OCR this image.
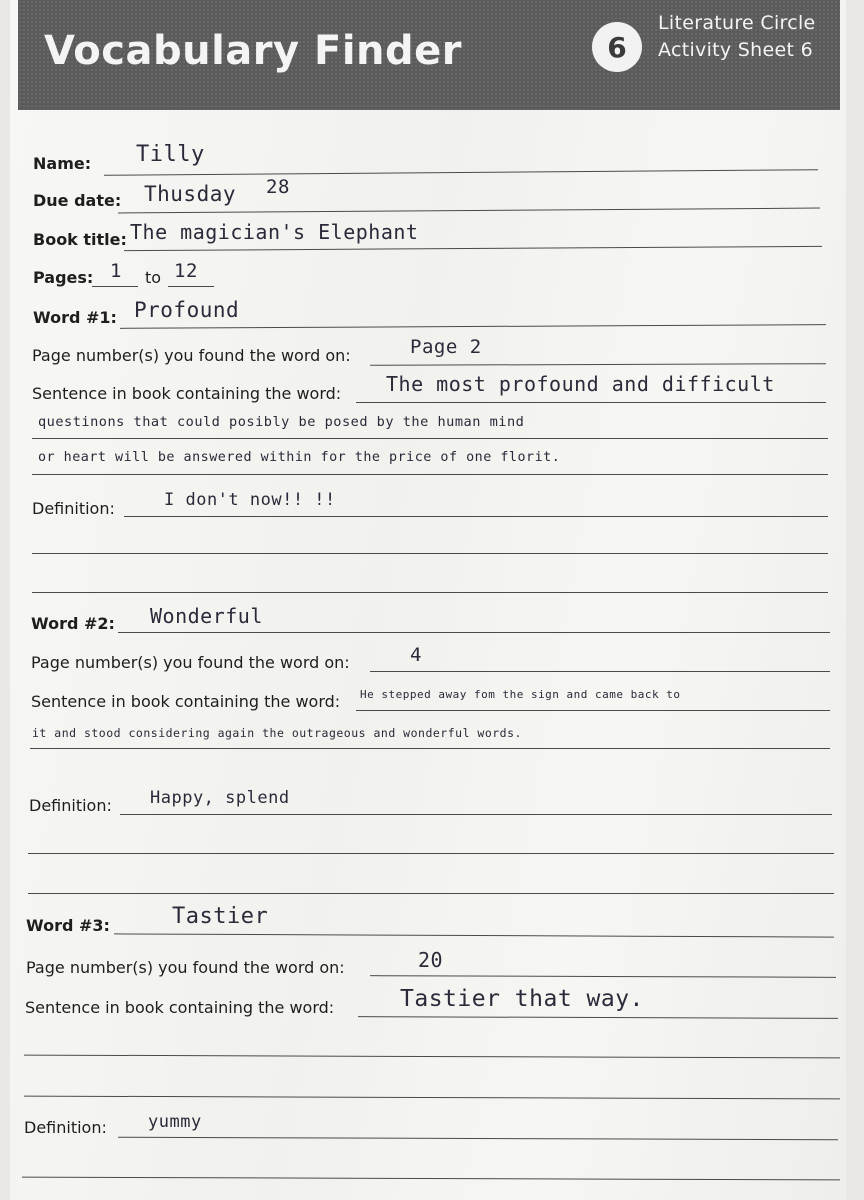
Vocabulary Finder	6
Literature Circle
Activity Sheet 6
Name: Tilly
Due date: Thusday 28
Book title: The magician's Elephant
Pages: 1 to 12
Word #1: Profound
Page number(s) you found the word on:	Page 2
Sentence in book containing the word: The most profound and difficult
questinons that could posibly be posed by the human mind
or heart will be answered within for the price of one florit.
Definition:	I don't now!! !!
Word #2: Wonderful
Page number(s) you found the word on:	4
Sentence in book containing the word: He stepped away fom the sign and came back to
it and stood considering again the outrageous and wonderful words.
Definition: Happy, splend
Word #3:	Tastier
Page number(s) you found the word on:	20
Sentence in book containing the word:	Tastier that way.
Definition: yummy
